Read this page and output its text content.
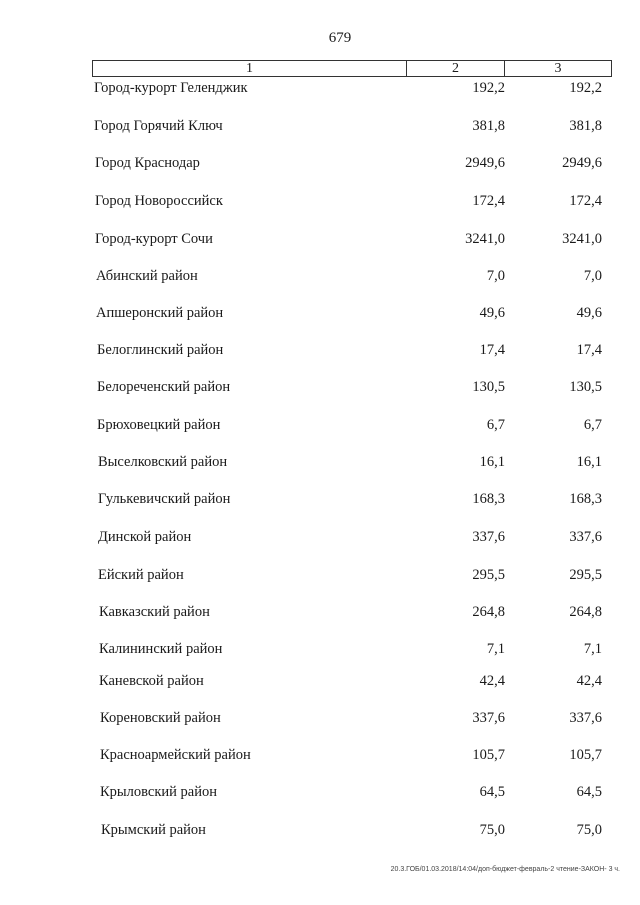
679
1	2	3
Город-курорт Геленджик	192,2	192,2
Город Горячий Ключ	381,8	381,8
Город Краснодар	2949,6	2949,6
Город Новороссийск	172,4	172,4
Город-курорт Сочи	3241,0	3241,0
Абинский район	7,0	7,0
Апшеронский район	49,6	49,6
Белоглинский район	17,4	17,4
Белореченский район	130,5	130,5
Брюховецкий район	6,7	6,7
Выселковский район	16,1	16,1
Гулькевичский район	168,3	168,3
Динской район	337,6	337,6
Ейский район	295,5	295,5
Кавказский район	264,8	264,8
Калининский район	7,1	7,1
Каневской район	42,4	42,4
Кореновский район	337,6	337,6
Красноармейский район	105,7	105,7
Крыловский район	64,5	64,5
Крымский район	75,0	75,0
20.3.ГОБ/01.03.2018/14:04/доп-бюджет-февраль-2 чтение-ЗАКОН- 3 ч.
